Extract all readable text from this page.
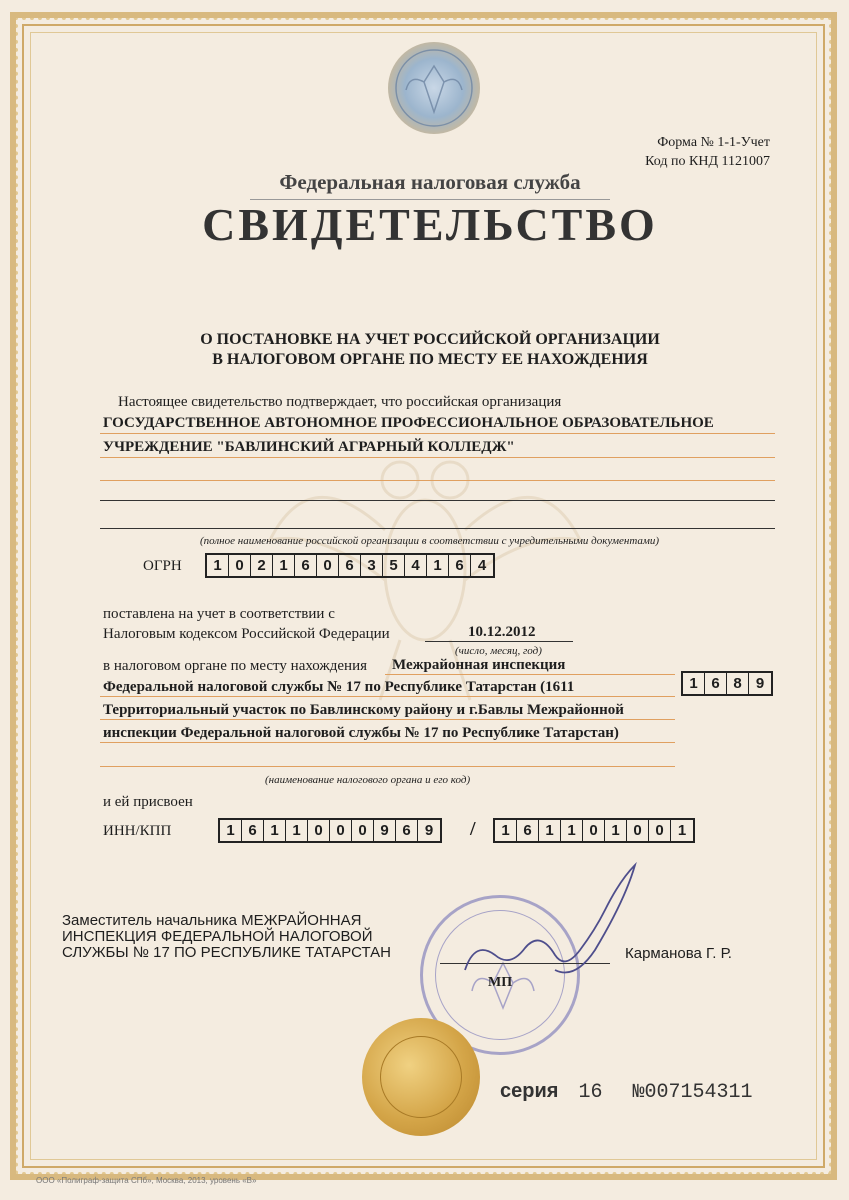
Форма № 1-1-Учет
Код по КНД 1121007
Федеральная налоговая служба
СВИДЕТЕЛЬСТВО
О ПОСТАНОВКЕ НА УЧЕТ РОССИЙСКОЙ ОРГАНИЗАЦИИ
В НАЛОГОВОМ ОРГАНЕ ПО МЕСТУ ЕЕ НАХОЖДЕНИЯ
Настоящее свидетельство подтверждает, что российская организация
ГОСУДАРСТВЕННОЕ АВТОНОМНОЕ ПРОФЕССИОНАЛЬНОЕ ОБРАЗОВАТЕЛЬНОЕ
УЧРЕЖДЕНИЕ "БАВЛИНСКИЙ АГРАРНЫЙ КОЛЛЕДЖ"
(полное наименование российской организации в соответствии с учредительными документами)
ОГРН	1 0 2 1 6 0 6 3 5 4 1 6 4
поставлена на учет в соответствии с
Налоговым кодексом Российской Федерации	10.12.2012
(число, месяц, год)
в налоговом органе по месту нахождения Межрайонная инспекция
Федеральной налоговой службы № 17 по Республике Татарстан (1611	1 6 8 9
Территориальный участок по Бавлинскому району и г.Бавлы Межрайонной
инспекции Федеральной налоговой службы № 17 по Республике Татарстан)
(наименование налогового органа и его код)
и ей присвоен
ИНН/КПП	1 6 1 1 0 0 0 9 6 9	/	1 6 1 1 0 1 0 0 1
Заместитель начальника МЕЖРАЙОННАЯ
ИНСПЕКЦИЯ ФЕДЕРАЛЬНОЙ НАЛОГОВОЙ
СЛУЖБЫ № 17 ПО РЕСПУБЛИКЕ ТАТАРСТАН	Карманова Г. Р.
МП
серия 16 №007154311
ООО «Полиграф-защита СПб», Москва, 2013, уровень «В»
